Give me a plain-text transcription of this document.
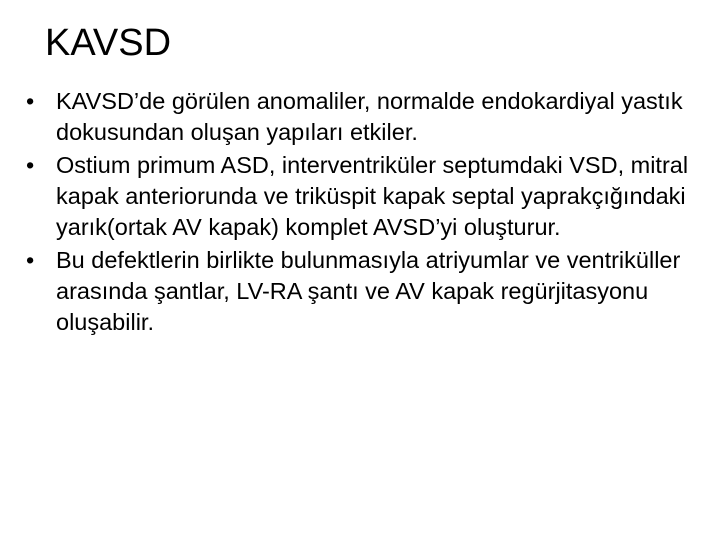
KAVSD
• KAVSD’de görülen anomaliler, normalde endokardiyal yastık dokusundan oluşan yapıları etkiler.
• Ostium primum ASD, interventriküler septumdaki VSD, mitral kapak anteriorunda ve triküspit kapak septal yaprakçığındaki yarık(ortak AV kapak) komplet AVSD’yi oluşturur.
• Bu defektlerin birlikte bulunmasıyla atriyumlar ve ventriküller arasında şantlar, LV-RA şantı ve AV kapak regürjitasyonu oluşabilir.
